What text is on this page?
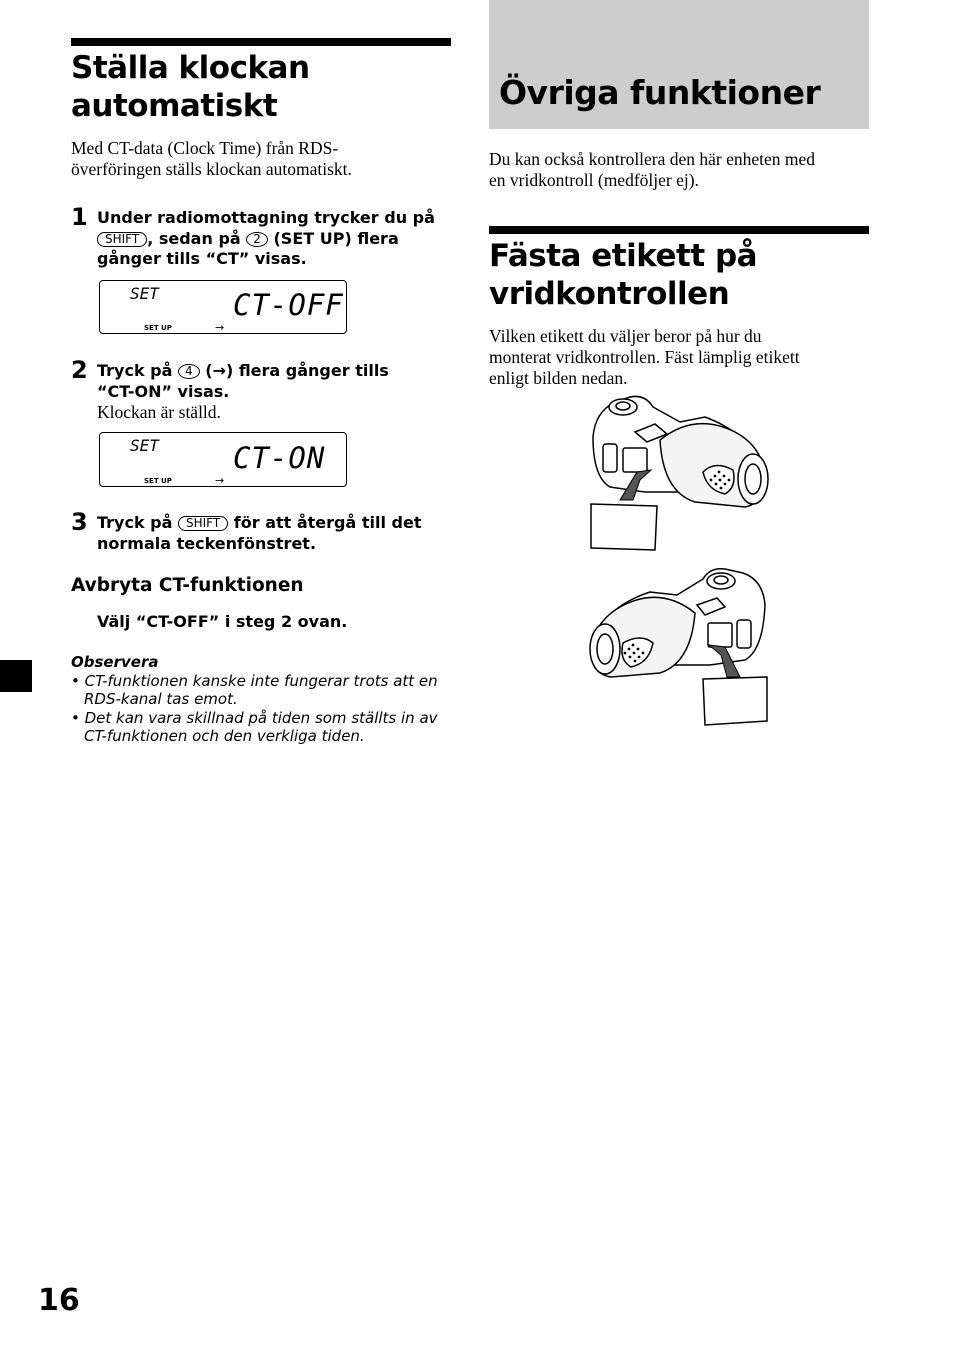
Ställa klockan
automatiskt
Med CT-data (Clock Time) från RDS-
överföringen ställs klockan automatiskt.
1 Under radiomottagning trycker du på
SHIFT , sedan på 2 (SET UP) flera
gånger tills “CT” visas.
SET	CT-OFF
SET UP	→
2 Tryck på 4 (→) flera gånger tills
“CT-ON” visas.
Klockan är ställd.
SET	CT-ON
SET UP	→
3 Tryck på SHIFT för att återgå till det
normala teckenfönstret.
Avbryta CT-funktionen
Välj “CT-OFF” i steg 2 ovan.
Observera
• CT-funktionen kanske inte fungerar trots att en
RDS-kanal tas emot.
• Det kan vara skillnad på tiden som ställts in av
CT-funktionen och den verkliga tiden.
Övriga funktioner
Du kan också kontrollera den här enheten med
en vridkontroll (medföljer ej).
Fästa etikett på
vridkontrollen
Vilken etikett du väljer beror på hur du
monterat vridkontrollen. Fäst lämplig etikett
enligt bilden nedan.
16
